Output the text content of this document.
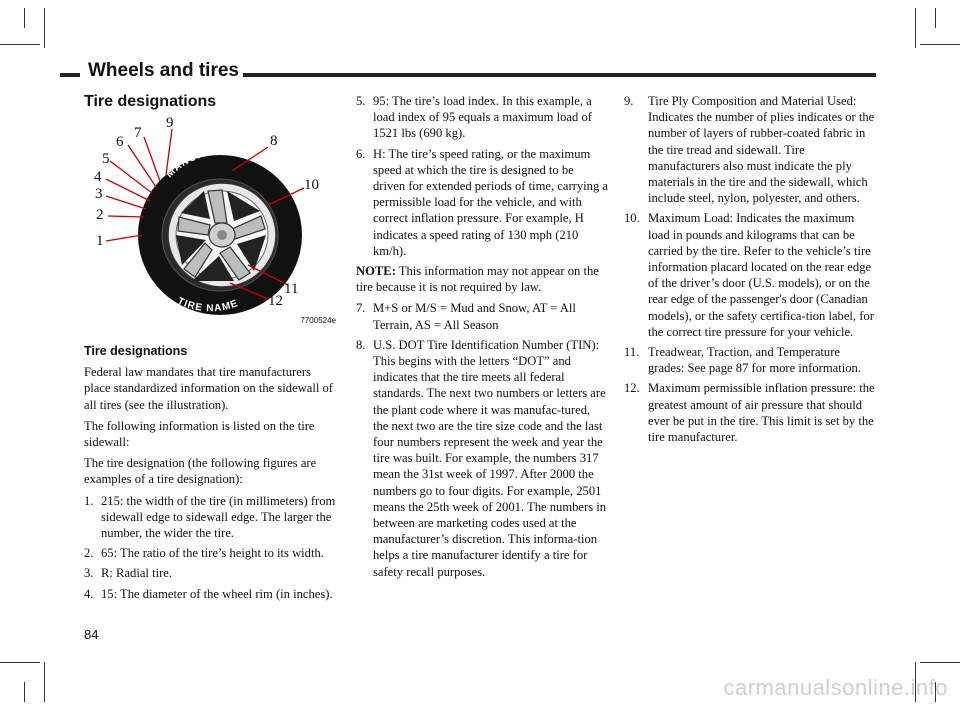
Wheels and tires
Tire designations
MANUFACTURER
215/65R15 95H M+S
TIRE NAME
1
2
3
4
5
6
7	8
9
10
11
12
7700524e
Tire designations

Federal law mandates that tire manufacturers place standardized information on the sidewall of all tires (see the illustration).

The following information is listed on the tire sidewall:

The tire designation (the following figures are examples of a tire designation):

1. 215: the width of the tire (in millimeters) from sidewall edge to sidewall edge. The larger the number, the wider the tire.
2. 65: The ratio of the tire’s height to its width.
3. R: Radial tire.
4. 15: The diameter of the wheel rim (in inches).
5. 95: The tire’s load index. In this example, a load index of 95 equals a maximum load of 1521 lbs (690 kg).
6. H: The tire’s speed rating, or the maximum speed at which the tire is designed to be driven for extended periods of time, carrying a permissible load for the vehicle, and with correct inflation pressure. For example, H indicates a speed rating of 130 mph (210 km/h).

NOTE: This information may not appear on the tire because it is not required by law.

7. M+S or M/S = Mud and Snow, AT = All Terrain, AS = All Season
8. U.S. DOT Tire Identification Number (TIN): This begins with the letters “DOT” and indicates that the tire meets all federal standards. The next two numbers or letters are the plant code where it was manufac-tured, the next two are the tire size code and the last four numbers represent the week and year the tire was built. For example, the numbers 317 mean the 31st week of 1997. After 2000 the numbers go to four digits. For example, 2501 means the 25th week of 2001. The numbers in between are marketing codes used at the manufacturer’s discretion. This informa-tion helps a tire manufacturer identify a tire for safety recall purposes.
9.	Tire Ply Composition and Material Used: Indicates the number of plies indicates or the number of layers of rubber-coated fabric in the tire tread and sidewall. Tire manufacturers also must indicate the ply materials in the tire and the sidewall, which include steel, nylon, polyester, and others.
10. Maximum Load: Indicates the maximum load in pounds and kilograms that can be carried by the tire. Refer to the vehicle’s tire information placard located on the rear edge of the driver’s door (U.S. models), or on the rear edge of the passenger's door (Canadian models), or the safety certifica-tion label, for the correct tire pressure for your vehicle.
11. Treadwear, Traction, and Temperature grades: See page 87 for more information.
12. Maximum permissible inflation pressure: the greatest amount of air pressure that should ever be put in the tire. This limit is set by the tire manufacturer.
84
carmanualsonline.info
